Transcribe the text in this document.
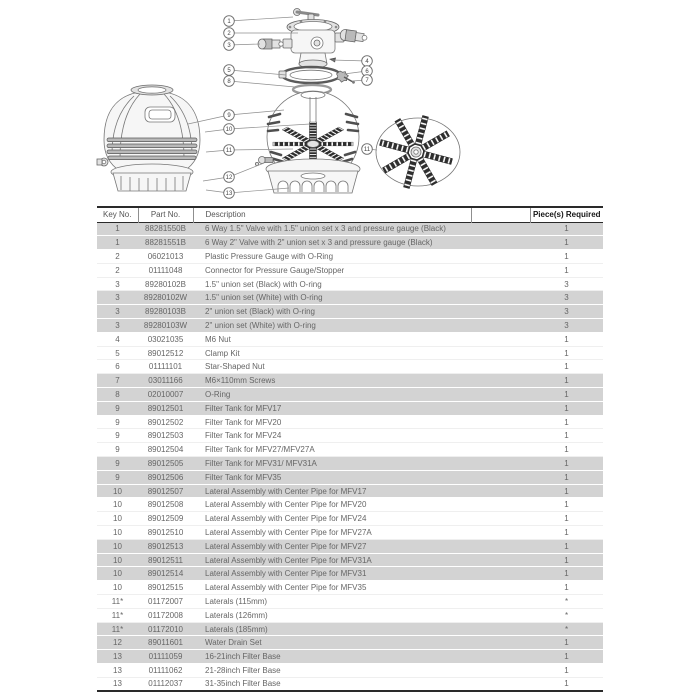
1
2
3
5
8
9
10
11
12
13
4
6
7
11
Key No.	Part No.	Description		Piece(s) Required
1	88281550B	6 Way 1.5" Valve with 1.5" union set x 3 and pressure gauge (Black)		1
1	88281551B	6 Way 2" Valve with 2" union set x 3 and pressure gauge (Black)		1
2	06021013	Plastic Pressure Gauge with O-Ring		1
2	01111048	Connector for Pressure Gauge/Stopper		1
3	89280102B	1.5" union set (Black) with O-ring		3
3	89280102W	1.5" union set (White) with O-ring		3
3	89280103B	2" union set (Black) with O-ring		3
3	89280103W	2" union set (White) with O-ring		3
4	03021035	M6 Nut		1
5	89012512	Clamp Kit		1
6	01111101	Star-Shaped Nut		1
7	03011166	M6×110mm Screws		1
8	02010007	O-Ring		1
9	89012501	Filter Tank for MFV17		1
9	89012502	Filter Tank for MFV20		1
9	89012503	Filter Tank for MFV24		1
9	89012504	Filter Tank for MFV27/MFV27A		1
9	89012505	Filter Tank for MFV31/ MFV31A		1
9	89012506	Filter Tank for MFV35		1
10	89012507	Lateral Assembly with Center Pipe for MFV17		1
10	89012508	Lateral Assembly with Center Pipe for MFV20		1
10	89012509	Lateral Assembly with Center Pipe for MFV24		1
10	89012510	Lateral Assembly with Center Pipe for MFV27A		1
10	89012513	Lateral Assembly with Center Pipe for MFV27		1
10	89012511	Lateral Assembly with Center Pipe for MFV31A		1
10	89012514	Lateral Assembly with Center Pipe for MFV31		1
10	89012515	Lateral Assembly with Center Pipe for MFV35		1
11*	01172007	Laterals (115mm)		*
11*	01172008	Laterals (126mm)		*
11*	01172010	Laterals (185mm)		*
12	89011601	Water Drain Set		1
13	01111059	16-21inch Filter Base		1
13	01111062	21-28inch Filter Base		1
13	01112037	31-35inch Filter Base		1
